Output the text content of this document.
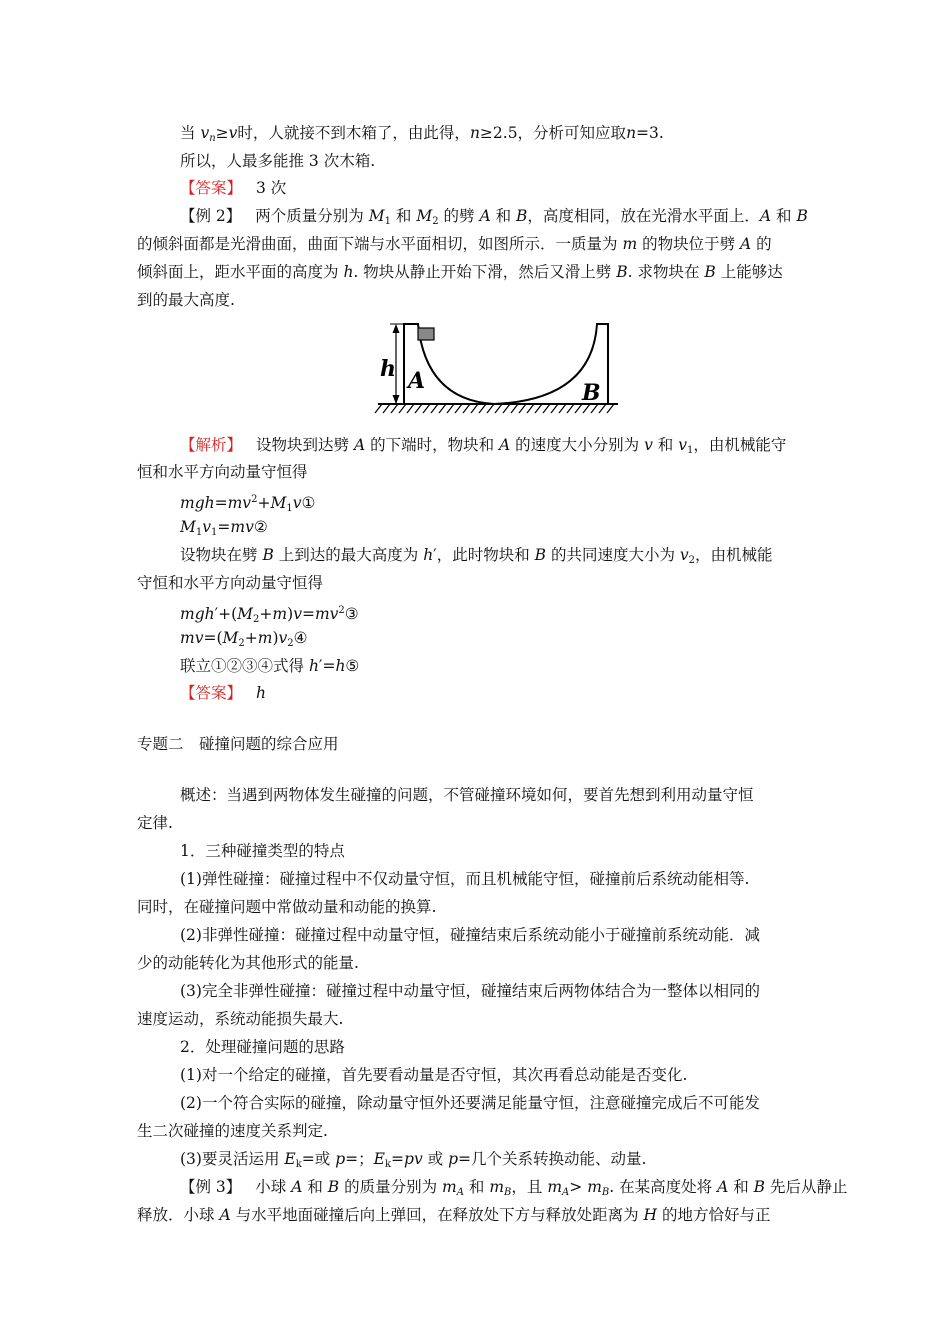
当 $v_n\ge v$时，人就接不到木箱了，由此得，n≥2.5，分析可知应取n=3.
所以，人最多能推 3 次木箱.
【答案】 3 次
【例 2】 两个质量分别为 $M_1$ 和 $M_2$ 的劈 A 和 B，高度相同，放在光滑水平面上．A 和 B
的倾斜面都是光滑曲面，曲面下端与水平面相切，如图所示．一质量为 m 的物块位于劈 A 的
倾斜面上，距水平面的高度为 h. 物块从静止开始下滑，然后又滑上劈 B. 求物块在 B 上能够达
到的最大高度.
h A	B
【解析】 设物块到达劈 A 的下端时，物块和 A 的速度大小分别为 v 和 $v_1$，由机械能守
恒和水平方向动量守恒得
$mgh=mv^2+M_1v①$
$M_1v_1=mv②$
设物块在劈 B 上到达的最大高度为 h′，此时物块和 B 的共同速度大小为 $v_2$，由机械能
守恒和水平方向动量守恒得
$mgh'+(M_2+m)v=mv^2③$
$mv=(M_2+m)v_2④$
联立①②③④式得 h′=h⑤
【答案】 h
专题二　碰撞问题的综合应用
概述：当遇到两物体发生碰撞的问题，不管碰撞环境如何，要首先想到利用动量守恒
定律.
1．三种碰撞类型的特点
(1)弹性碰撞：碰撞过程中不仅动量守恒，而且机械能守恒，碰撞前后系统动能相等.
同时，在碰撞问题中常做动量和动能的换算.
(2)非弹性碰撞：碰撞过程中动量守恒，碰撞结束后系统动能小于碰撞前系统动能．减
少的动能转化为其他形式的能量.
(3)完全非弹性碰撞：碰撞过程中动量守恒，碰撞结束后两物体结合为一整体以相同的
速度运动，系统动能损失最大.
2．处理碰撞问题的思路
(1)对一个给定的碰撞，首先要看动量是否守恒，其次再看总动能是否变化.
(2)一个符合实际的碰撞，除动量守恒外还要满足能量守恒，注意碰撞完成后不可能发
生二次碰撞的速度关系判定.
(3)要灵活运用 $E_k=$或 p=；$E_k=pv$ 或 p=几个关系转换动能、动量.
【例 3】 小球 A 和 B 的质量分别为 $m_A$ 和 $m_B$，且 $m_A> m_B$. 在某高度处将 A 和 B 先后从静止
释放．小球 A 与水平地面碰撞后向上弹回，在释放处下方与释放处距离为 H 的地方恰好与正
